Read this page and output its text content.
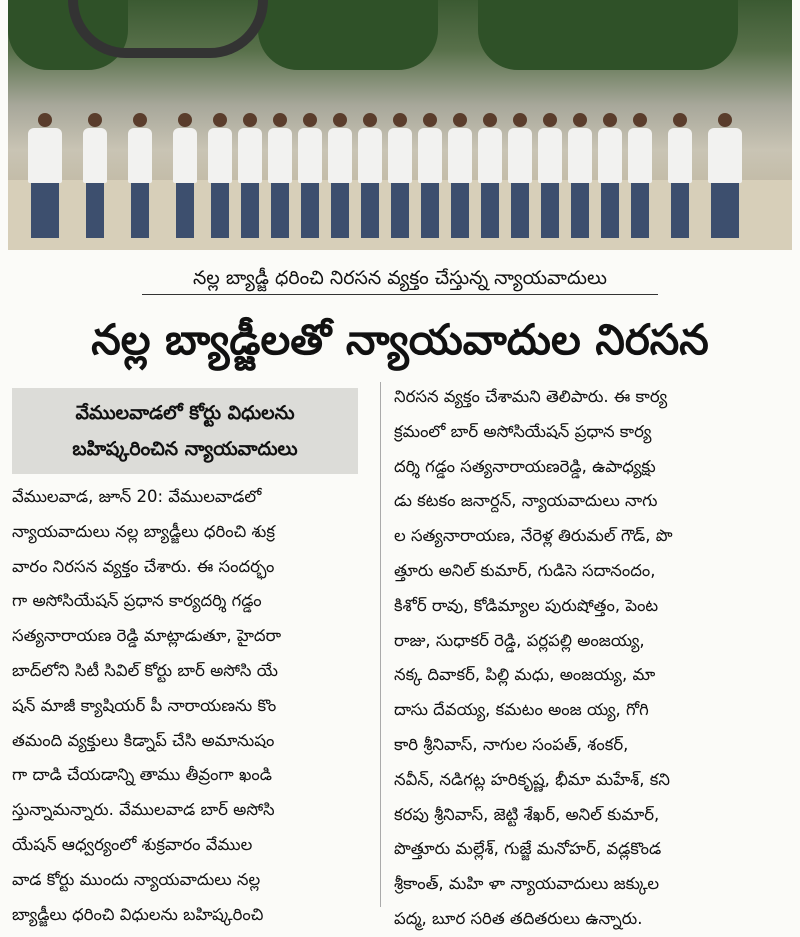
నల్ల బ్యాడ్జీ ధరించి నిరసన వ్యక్తం చేస్తున్న న్యాయవాదులు
నల్ల బ్యాడ్జీలతో న్యాయవాదుల నిరసన
వేములవాడలో కోర్టు విధులను
బహిష్కరించిన న్యాయవాదులు
వేములవాడ, జూన్ 20: వేములవాడలో
న్యాయవాదులు నల్ల బ్యాడ్జీలు ధరించి శుక్ర
వారం నిరసన వ్యక్తం చేశారు. ఈ సందర్భం
గా అసోసియేషన్ ప్రధాన కార్యదర్శి గడ్డం
సత్యనారాయణ రెడ్డి మాట్లాడుతూ, హైదరా
బాద్‌లోని సిటీ సివిల్ కోర్టు బార్ అసోసి యే
షన్ మాజీ క్యాషియర్ పీ నారాయణను కొం
తమంది వ్యక్తులు కిడ్నాప్ చేసి అమానుషం
గా దాడి చేయడాన్ని తాము తీవ్రంగా ఖండి
స్తున్నామన్నారు. వేములవాడ బార్ అసోసి
యేషన్ ఆధ్వర్యంలో శుక్రవారం వేముల
వాడ కోర్టు ముందు న్యాయవాదులు నల్ల
బ్యాడ్జీలు ధరించి విధులను బహిష్కరించి
నిరసన వ్యక్తం చేశామని తెలిపారు. ఈ కార్య
క్రమంలో బార్ అసోసియేషన్ ప్రధాన కార్య
దర్శి గడ్డం సత్యనారాయణరెడ్డి, ఉపాధ్యక్షు
డు కటకం జనార్దన్, న్యాయవాదులు నాగు
ల సత్యనారాయణ, నేరెళ్ల తిరుమల్ గౌడ్, పొ
త్తూరు అనిల్ కుమార్, గుడిసె సదానందం,
కిశోర్ రావు, కోడిమ్యాల పురుషోత్తం, పెంట
రాజు, సుధాకర్ రెడ్డి, పర్లపల్లి అంజయ్య,
నక్క దివాకర్, పిల్లి మధు, అంజయ్య, మా
దాసు దేవయ్య, కమటం అంజ య్య, గోగి
కారి శ్రీనివాస్, నాగుల సంపత్, శంకర్,
నవీన్, నడిగట్ల హరికృష్ణ, భీమా మహేశ్, కని
కరపు శ్రీనివాస్, జెట్టి శేఖర్, అనిల్ కుమార్,
పొత్తూరు మల్లేశ్, గుజ్జే మనోహర్, వడ్లకొండ
శ్రీకాంత్, మహి ళా న్యాయవాదులు జక్కుల
పద్మ, బూర సరిత తదితరులు ఉన్నారు.
